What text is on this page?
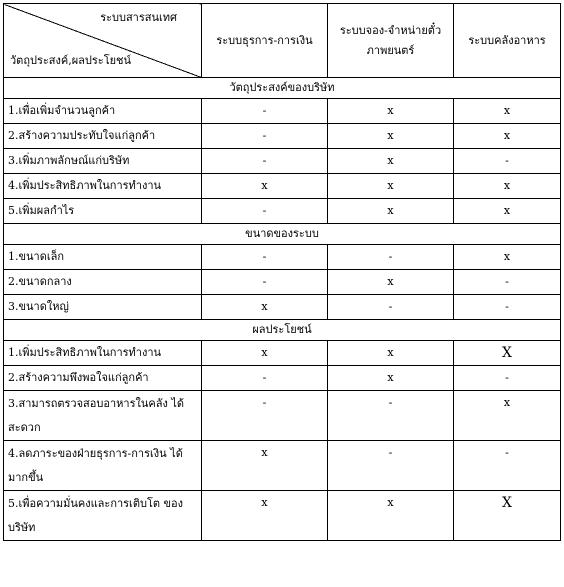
ระบบสารสนเทศ
วัตถุประสงค์,ผลประโยชน์	ระบบธุรการ-การเงิน	ระบบจอง-จำหน่ายตั๋ว ภาพยนตร์	ระบบคลังอาหาร
วัตถุประสงค์ของบริษัท			
1.เพื่อเพิ่มจำนวนลูกค้า	-	x	x
2.สร้างความประทับใจแก่ลูกค้า	-	x	x
3.เพิ่มภาพลักษณ์แก่บริษัท	-	x	-
4.เพิ่มประสิทธิภาพในการทำงาน	x	x	x
5.เพิ่มผลกำไร	-	x	x
ขนาดของระบบ			
1.ขนาดเล็ก	-	-	x
2.ขนาดกลาง	-	x	-
3.ขนาดใหญ่	x	-	-
ผลประโยชน์			
1.เพิ่มประสิทธิภาพในการทำงาน	x	x	X
2.สร้างความพึงพอใจแก่ลูกค้า	-	x	-
3.สามารถตรวจสอบอาหารในคลัง ได้สะดวก	-	-	x
4.ลดภาระของฝ่ายธุรการ-การเงิน ได้มากขึ้น	x	-	-
5.เพื่อความมั่นคงและการเติบโต ของบริษัท	x	x	X
